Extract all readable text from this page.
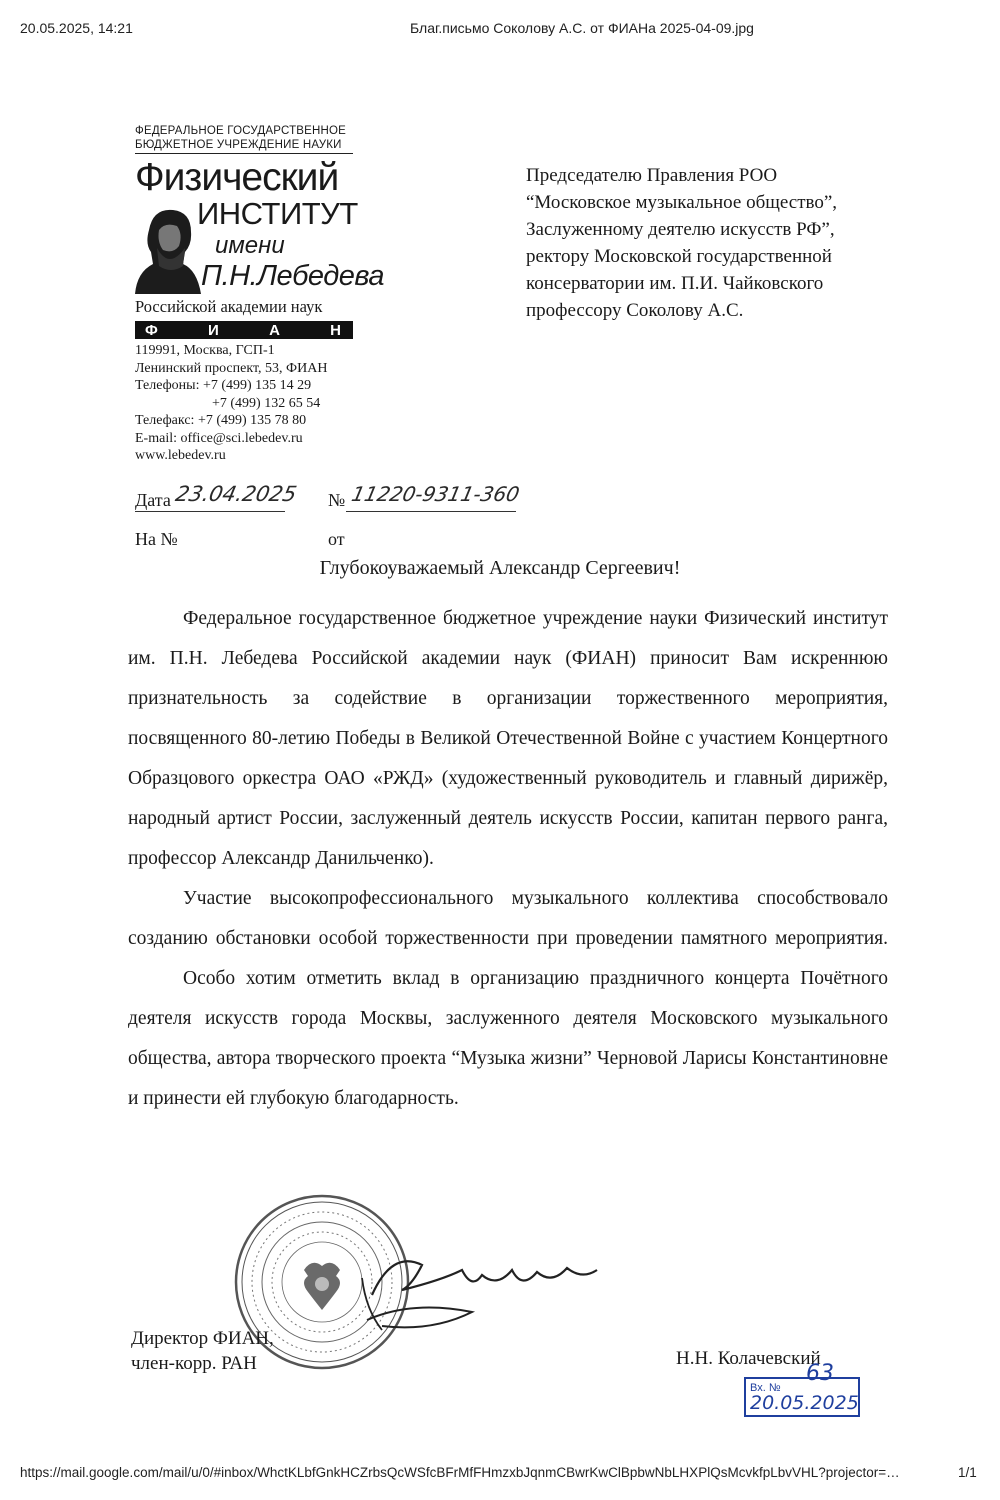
20.05.2025, 14:21	Благ.письмо Соколову А.С. от ФИАНа 2025-04-09.jpg
ФЕДЕРАЛЬНОЕ ГОСУДАРСТВЕННОЕ
БЮДЖЕТНОЕ УЧРЕЖДЕНИЕ НАУКИ
Физический
ИНСТИТУТ
имени
П.Н.Лебедева
Российской академии наук
Ф	И	А	Н
119991, Москва, ГСП-1
Ленинский проспект, 53, ФИАН
Телефоны: +7 (499) 135 14 29
+7 (499) 132 65 54
Телефакс: +7 (499) 135 78 80
E-mail: office@sci.lebedev.ru
www.lebedev.ru
Председателю Правления РОО
“Московское музыкальное общество”,
Заслуженному деятелю искусств РФ”,
ректору Московской государственной
консерватории им. П.И. Чайковского
профессору Соколову А.С.
Дата 23.04.2025 № 11220-9311-360
На №	от
Глубокоуважаемый Александр Сергеевич!

Федеральное государственное бюджетное учреждение науки Физический институт им. П.Н. Лебедева Российской академии наук (ФИАН) приносит Вам искреннюю признательность за содействие в организации торжественного мероприятия, посвященного 80-летию Победы в Великой Отечественной Войне с участием Концертного Образцового оркестра ОАО «РЖД» (художественный руководитель и главный дирижёр, народный артист России, заслуженный деятель искусств России, капитан первого ранга, профессор Александр Данильченко).

Участие высокопрофессионального музыкального коллектива способствовало созданию обстановки особой торжественности при проведении памятного мероприятия.

Особо хотим отметить вклад в организацию праздничного концерта Почётного деятеля искусств города Москвы, заслуженного деятеля Московского музыкального общества, автора творческого проекта “Музыка жизни” Черновой Ларисы Константиновне и принести ей глубокую благодарность.

Директор ФИАН,
член-корр. РАН	Н.Н. Колачевский
Вх. №
63
20.05.2025
https://mail.google.com/mail/u/0/#inbox/WhctKLbfGnkHCZrbsQcWSfcBFrMfFHmzxbJqnmCBwrKwClBpbwNbLHXPlQsMcvkfpLbvVHL?projector=…	1/1
